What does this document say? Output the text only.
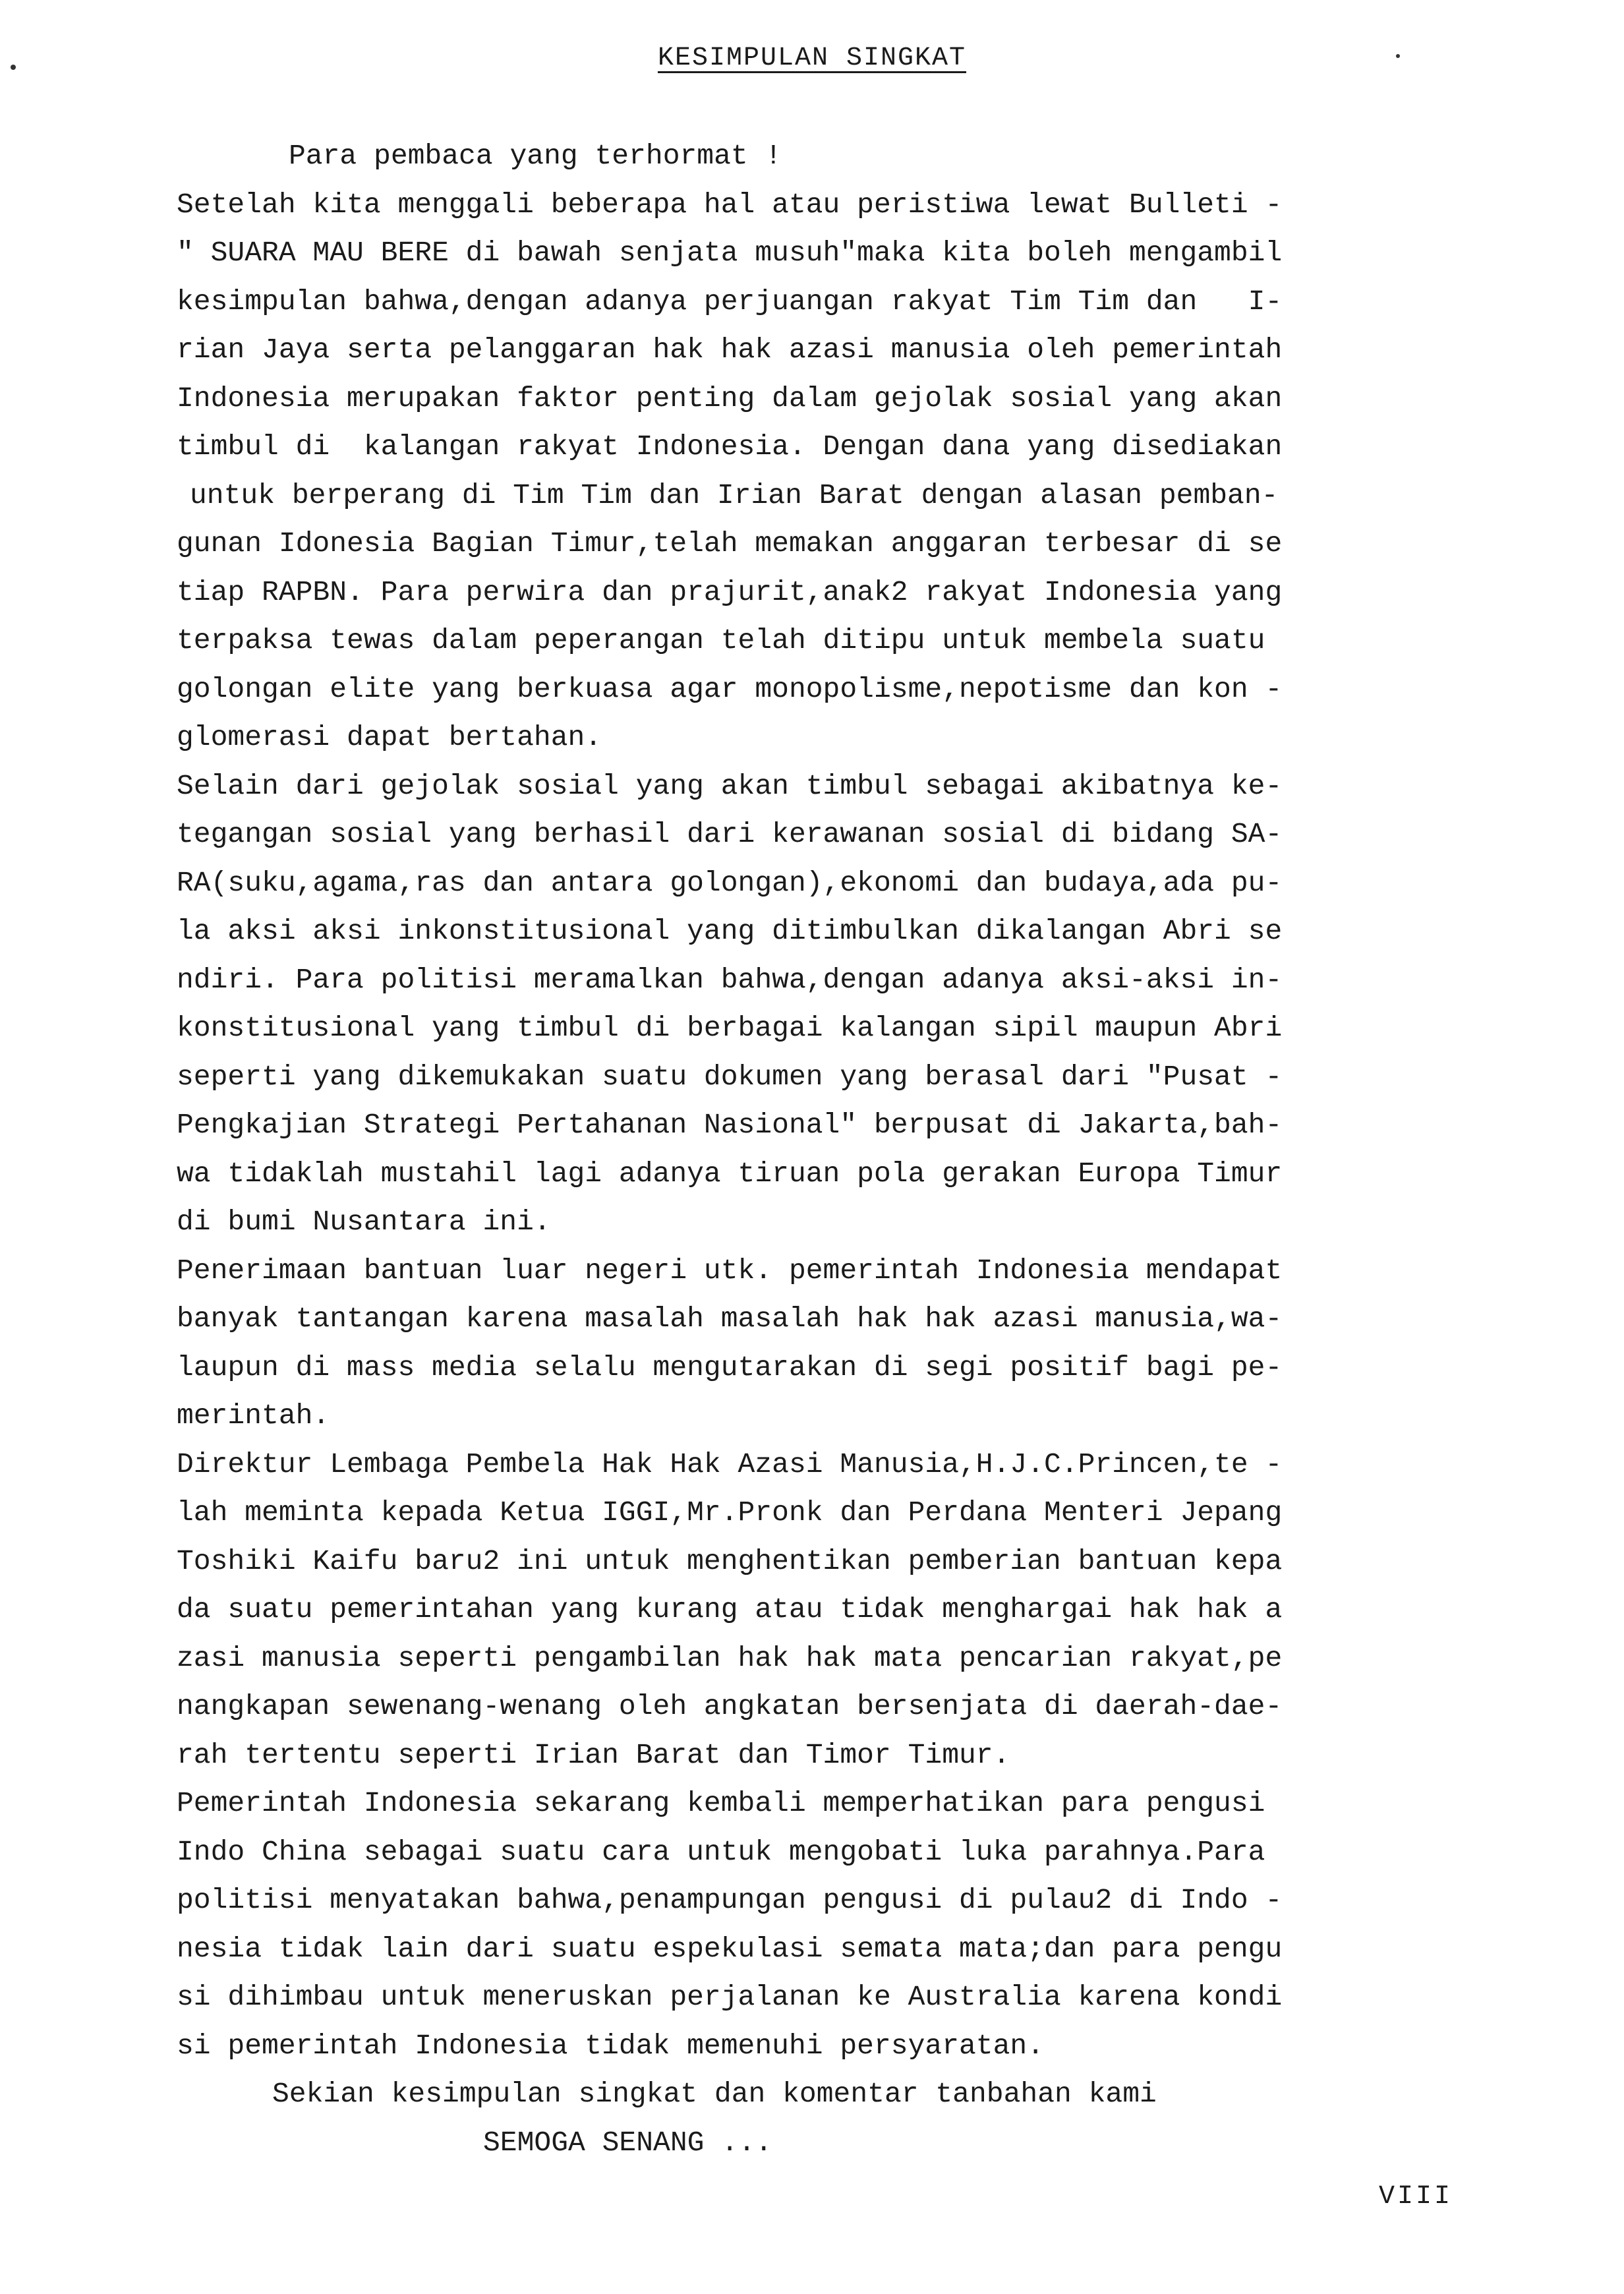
KESIMPULAN SINGKAT
Para pembaca yang terhormat !
Setelah kita menggali beberapa hal atau peristiwa lewat Bulleti -
" SUARA MAU BERE di bawah senjata musuh"maka kita boleh mengambil
kesimpulan bahwa,dengan adanya perjuangan rakyat Tim Tim dan   I-
rian Jaya serta pelanggaran hak hak azasi manusia oleh pemerintah
Indonesia merupakan faktor penting dalam gejolak sosial yang akan
timbul di  kalangan rakyat Indonesia. Dengan dana yang disediakan
untuk berperang di Tim Tim dan Irian Barat dengan alasan pemban-
gunan Idonesia Bagian Timur,telah memakan anggaran terbesar di se
tiap RAPBN. Para perwira dan prajurit,anak2 rakyat Indonesia yang
terpaksa tewas dalam peperangan telah ditipu untuk membela suatu
golongan elite yang berkuasa agar monopolisme,nepotisme dan kon -
glomerasi dapat bertahan.
Selain dari gejolak sosial yang akan timbul sebagai akibatnya ke-
tegangan sosial yang berhasil dari kerawanan sosial di bidang SA-
RA(suku,agama,ras dan antara golongan),ekonomi dan budaya,ada pu-
la aksi aksi inkonstitusional yang ditimbulkan dikalangan Abri se
ndiri. Para politisi meramalkan bahwa,dengan adanya aksi-aksi in-
konstitusional yang timbul di berbagai kalangan sipil maupun Abri
seperti yang dikemukakan suatu dokumen yang berasal dari "Pusat -
Pengkajian Strategi Pertahanan Nasional" berpusat di Jakarta,bah-
wa tidaklah mustahil lagi adanya tiruan pola gerakan Europa Timur
di bumi Nusantara ini.
Penerimaan bantuan luar negeri utk. pemerintah Indonesia mendapat
banyak tantangan karena masalah masalah hak hak azasi manusia,wa-
laupun di mass media selalu mengutarakan di segi positif bagi pe-
merintah.
Direktur Lembaga Pembela Hak Hak Azasi Manusia,H.J.C.Princen,te -
lah meminta kepada Ketua IGGI,Mr.Pronk dan Perdana Menteri Jepang
Toshiki Kaifu baru2 ini untuk menghentikan pemberian bantuan kepa
da suatu pemerintahan yang kurang atau tidak menghargai hak hak a
zasi manusia seperti pengambilan hak hak mata pencarian rakyat,pe
nangkapan sewenang-wenang oleh angkatan bersenjata di daerah-dae-
rah tertentu seperti Irian Barat dan Timor Timur.
Pemerintah Indonesia sekarang kembali memperhatikan para pengusi
Indo China sebagai suatu cara untuk mengobati luka parahnya.Para
politisi menyatakan bahwa,penampungan pengusi di pulau2 di Indo -
nesia tidak lain dari suatu espekulasi semata mata;dan para pengu
si dihimbau untuk meneruskan perjalanan ke Australia karena kondi
si pemerintah Indonesia tidak memenuhi persyaratan.
Sekian kesimpulan singkat dan komentar tanbahan kami
SEMOGA SENANG ...
VIII
